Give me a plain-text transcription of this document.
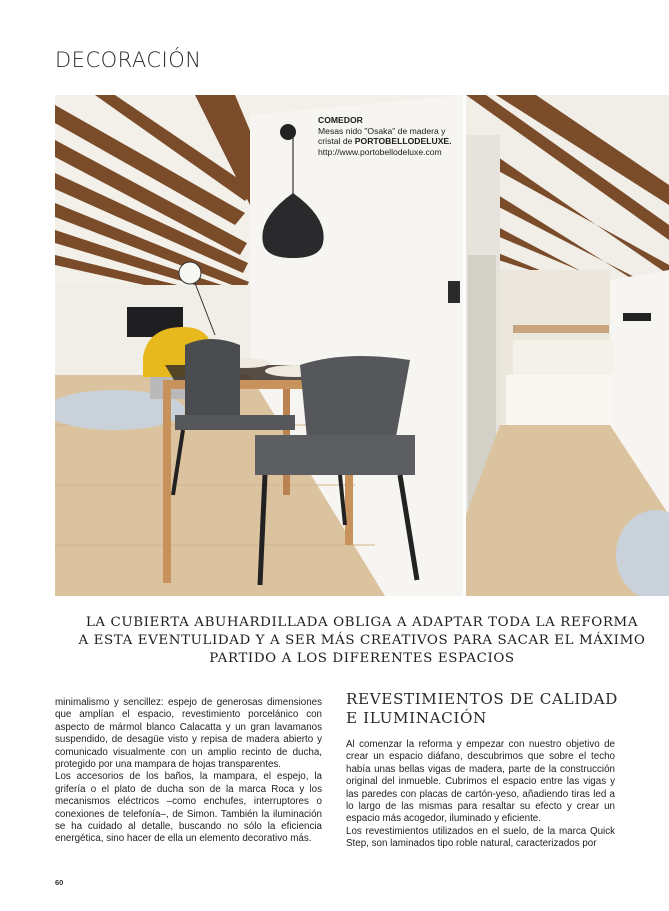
DECORACIÓN
COMEDOR
Mesas nido "Osaka" de madera y
cristal de PORTOBELLODELUXE.
http://www.portobellodeluxe.com
LA CUBIERTA ABUHARDILLADA OBLIGA A ADAPTAR TODA LA REFORMA
A ESTA EVENTULIDAD Y A SER MÁS CREATIVOS PARA SACAR EL MÁXIMO
PARTIDO A LOS DIFERENTES ESPACIOS

minimalismo y sencillez: espejo de generosas dimensiones que amplían el espacio, revestimiento porcelánico con aspecto de mármol blanco Calacatta y un gran lavamanos suspendido, de desagüe visto y repisa de madera abierto y comunicado visualmente con un amplio recinto de ducha, protegido por una mampara de hojas transparentes.

Los accesorios de los baños, la mampara, el espejo, la grifería o el plato de ducha son de la marca Roca y los mecanismos eléctricos –como enchufes, interruptores o conexiones de telefonía–, de Simon. También la iluminación se ha cuidado al detalle, buscando no sólo la eficiencia energética, sino hacer de ella un elemento decorativo más.

REVESTIMIENTOS DE CALIDAD
E ILUMINACIÓN

Al comenzar la reforma y empezar con nuestro objetivo de crear un espacio diáfano, descubrimos que sobre el techo había unas bellas vigas de madera, parte de la construcción original del inmueble. Cubrimos el espacio entre las vigas y las paredes con placas de cartón-yeso, añadiendo tiras led a lo largo de las mismas para resaltar su efecto y crear un espacio más acogedor, iluminado y eficiente.

Los revestimientos utilizados en el suelo, de la marca Quick Step, son laminados tipo roble natural, caracterizados por

60
